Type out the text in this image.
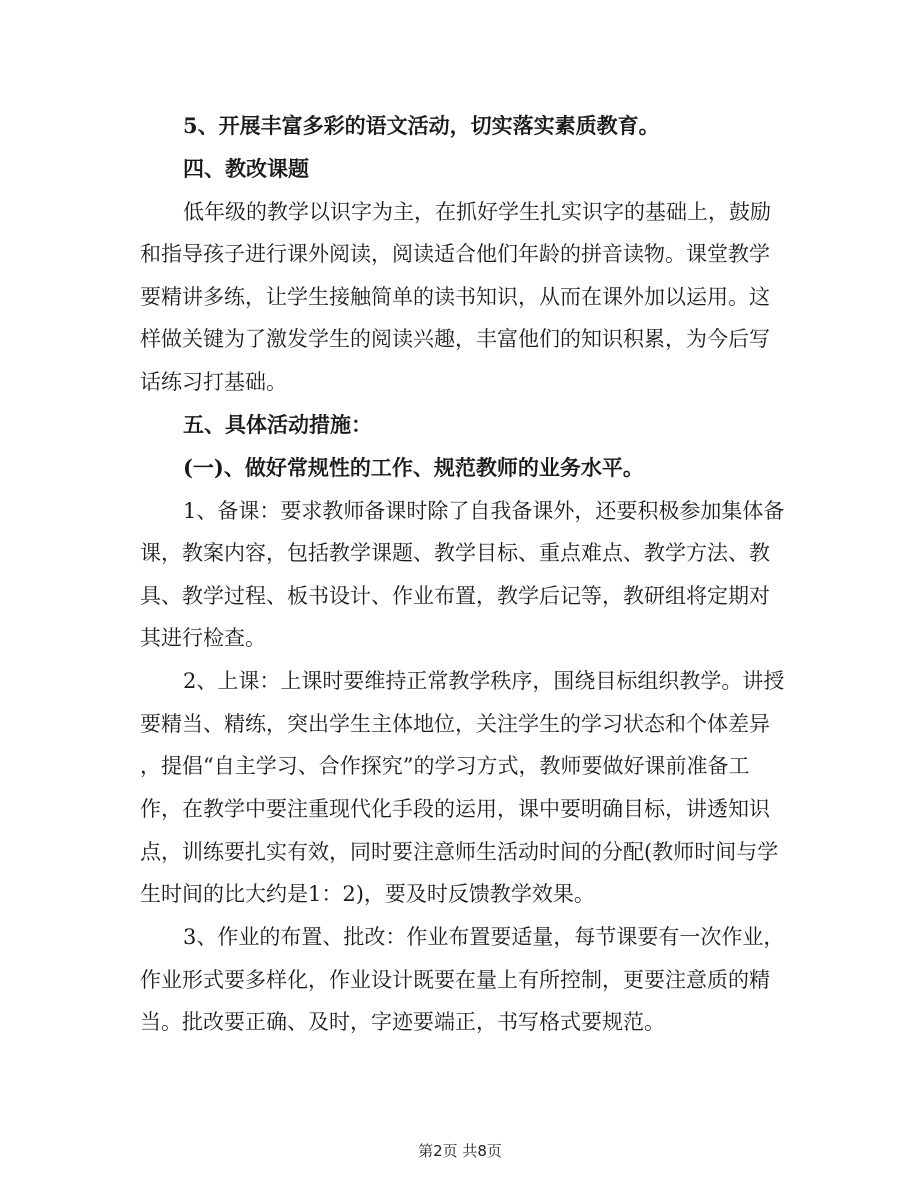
5、开展丰富多彩的语文活动，切实落实素质教育。
四、教改课题
低年级的教学以识字为主，在抓好学生扎实识字的基础上，鼓励
和指导孩子进行课外阅读，阅读适合他们年龄的拼音读物。课堂教学
要精讲多练，让学生接触简单的读书知识，从而在课外加以运用。这
样做关键为了激发学生的阅读兴趣，丰富他们的知识积累，为今后写
话练习打基础。
五、具体活动措施：
(一)、做好常规性的工作、规范教师的业务水平。
1、备课：要求教师备课时除了自我备课外，还要积极参加集体备
课，教案内容，包括教学课题、教学目标、重点难点、教学方法、教
具、教学过程、板书设计、作业布置，教学后记等，教研组将定期对
其进行检查。
2、上课：上课时要维持正常教学秩序，围绕目标组织教学。讲授
要精当、精练，突出学生主体地位，关注学生的学习状态和个体差异
，提倡“自主学习、合作探究”的学习方式，教师要做好课前准备工
作，在教学中要注重现代化手段的运用，课中要明确目标，讲透知识
点，训练要扎实有效，同时要注意师生活动时间的分配(教师时间与学
生时间的比大约是1：2)，要及时反馈教学效果。
3、作业的布置、批改：作业布置要适量，每节课要有一次作业，
作业形式要多样化，作业设计既要在量上有所控制，更要注意质的精
当。批改要正确、及时，字迹要端正，书写格式要规范。
第2页 共8页
